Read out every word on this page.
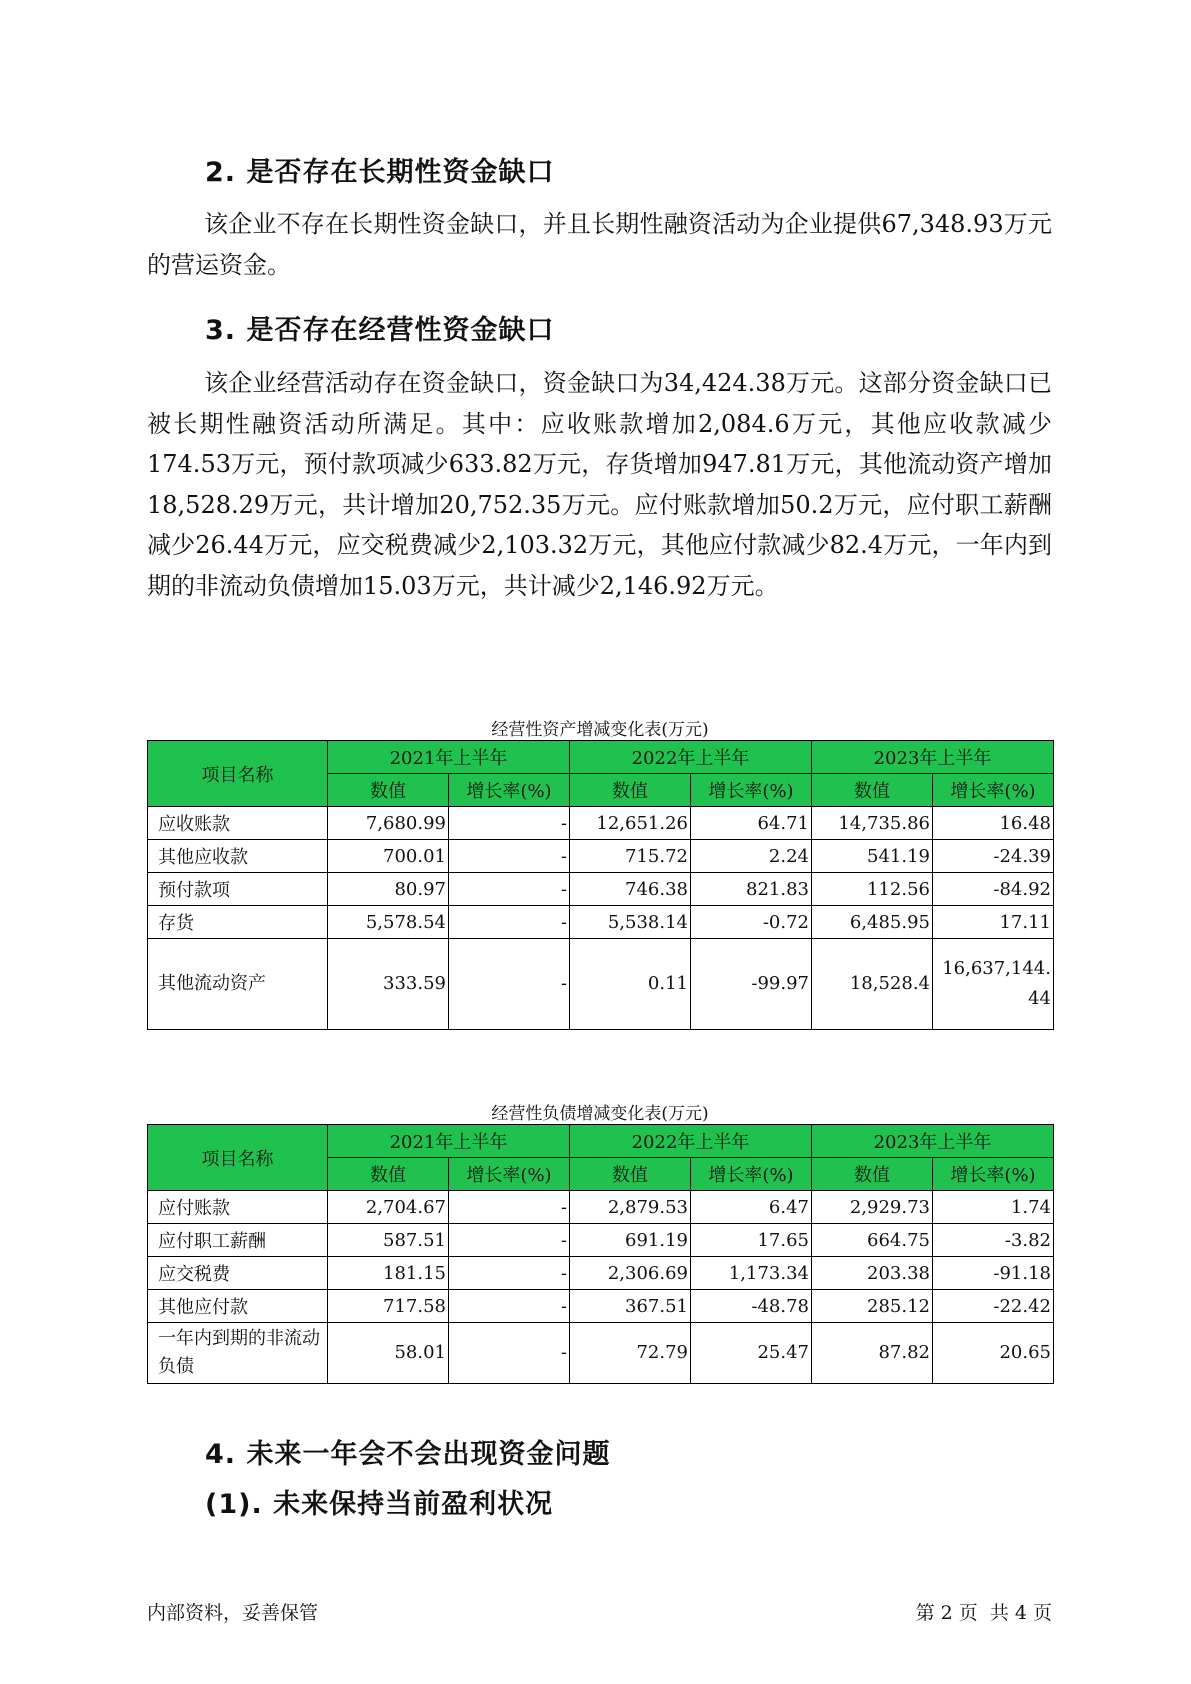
2. 是否存在长期性资金缺口

该企业不存在长期性资金缺口，并且长期性融资活动为企业提供67,348.93万元的营运资金。

3. 是否存在经营性资金缺口

该企业经营活动存在资金缺口，资金缺口为34,424.38万元。这部分资金缺口已被长期性融资活动所满足。其中：应收账款增加2,084.6万元，其他应收款减少174.53万元，预付款项减少633.82万元，存货增加947.81万元，其他流动资产增加18,528.29万元，共计增加20,752.35万元。应付账款增加50.2万元，应付职工薪酬减少26.44万元，应交税费减少2,103.32万元，其他应付款减少82.4万元，一年内到期的非流动负债增加15.03万元，共计减少2,146.92万元。

经营性资产增减变化表(万元)

项目名称	2021年上半年		2022年上半年		2023年上半年	
	数值	增长率(%)	数值	增长率(%)	数值	增长率(%)
应收账款	7,680.99	-	12,651.26	64.71	14,735.86	16.48
其他应收款	700.01	-	715.72	2.24	541.19	-24.39
预付款项	80.97	-	746.38	821.83	112.56	-84.92
存货	5,578.54	-	5,538.14	-0.72	6,485.95	17.11
其他流动资产	333.59	-	0.11	-99.97	18,528.4	16,637,144.44

经营性负债增减变化表(万元)

项目名称	2021年上半年		2022年上半年		2023年上半年	
	数值	增长率(%)	数值	增长率(%)	数值	增长率(%)
应付账款	2,704.67	-	2,879.53	6.47	2,929.73	1.74
应付职工薪酬	587.51	-	691.19	17.65	664.75	-3.82
应交税费	181.15	-	2,306.69	1,173.34	203.38	-91.18
其他应付款	717.58	-	367.51	-48.78	285.12	-22.42
一年内到期的非流动负债	58.01	-	72.79	25.47	87.82	20.65
4. 未来一年会不会出现资金问题
(1). 未来保持当前盈利状况

内部资料，妥善保管	第 2 页  共 4 页
